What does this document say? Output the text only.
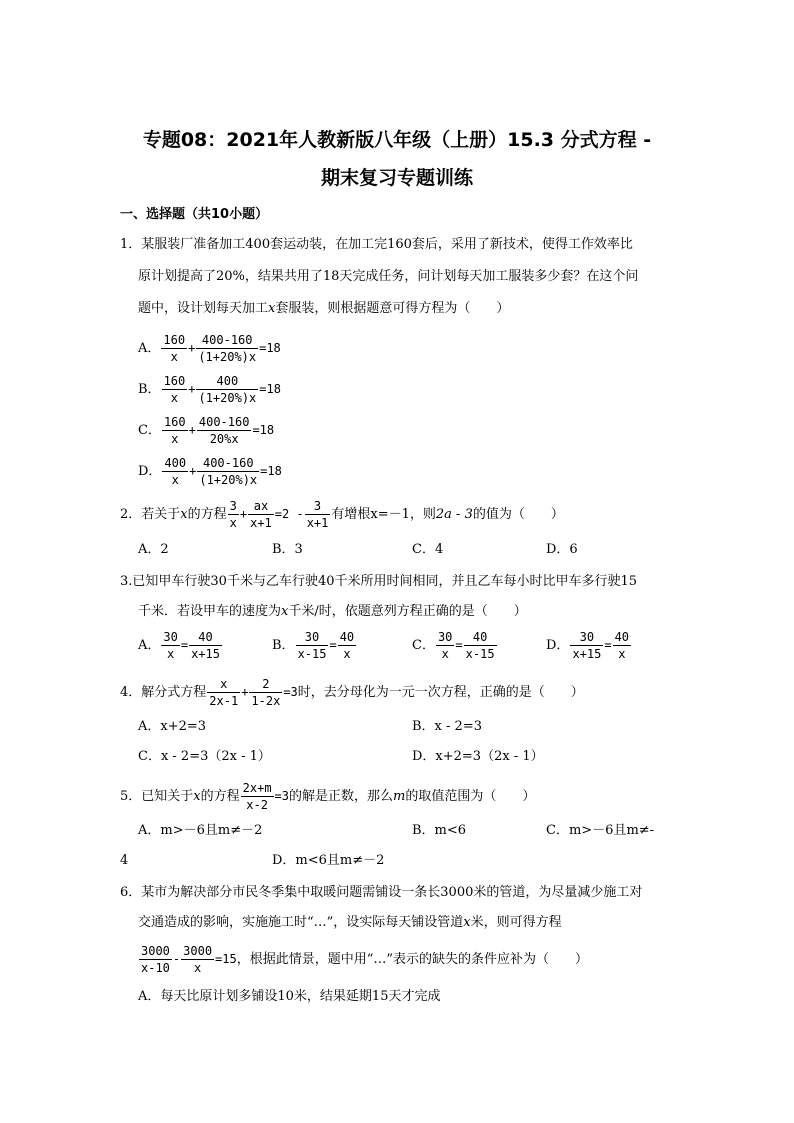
专题08：2021年人教新版八年级（上册）15.3 分式方程 -
期末复习专题训练
一、选择题（共10小题）
1．某服装厂准备加工400套运动装，在加工完160套后，采用了新技术，使得工作效率比
原计划提高了20%，结果共用了18天完成任务，问计划每天加工服装多少套？在这个问
题中，设计划每天加工x套服装，则根据题意可得方程为（　　）
A． $\frac{160}{x} + \frac{400-160}{(1+20\%)x} =18$
B． $\frac{160}{x} + \frac{400}{(1+20\%)x} =18$
C． $\frac{160}{x} + \frac{400-160}{20\%x} =18$
D． $\frac{400}{x} + \frac{400-160}{(1+20\%)x} =18$
2．若关于x的方程 $\frac{3}{x} + \frac{ax}{x+1} =2 - \frac{3}{x+1}$ 有增根x=－1，则2a - 3的值为（　　）
A．2	B．3	C．4	D．6
3.已知甲车行驶30千米与乙车行驶40千米所用时间相同，并且乙车每小时比甲车多行驶15
千米．若设甲车的速度为x千米/时，依题意列方程正确的是（　　）
A． $\frac{30}{x} = \frac{40}{x+15}$	B． $\frac{30}{x-15} = \frac{40}{x}$	C． $\frac{30}{x} = \frac{40}{x-15}$	D． $\frac{30}{x+15} = \frac{40}{x}$
4．解分式方程 $\frac{x}{2x-1} + \frac{2}{1-2x} =3$时，去分母化为一元一次方程，正确的是（　　）
A．x+2=3	B．x - 2=3
C．x - 2=3（2x - 1）	D．x+2=3（2x - 1）
5．已知关于x的方程 $\frac{2x+m}{x-2} =3$的解是正数，那么m的取值范围为（　　）
A．m>－6且m≠－2	B．m<6	C．m>－6且m≠-
4	D．m<6且m≠－2
6．某市为解决部分市民冬季集中取暖问题需铺设一条长3000米的管道，为尽量减少施工对
交通造成的影响，实施施工时“…”，设实际每天铺设管道x米，则可得方程
$\frac{3000}{x-10} - \frac{3000}{x} =15$，根据此情景，题中用“…”表示的缺失的条件应补为（　　）
A．每天比原计划多铺设10米，结果延期15天才完成
